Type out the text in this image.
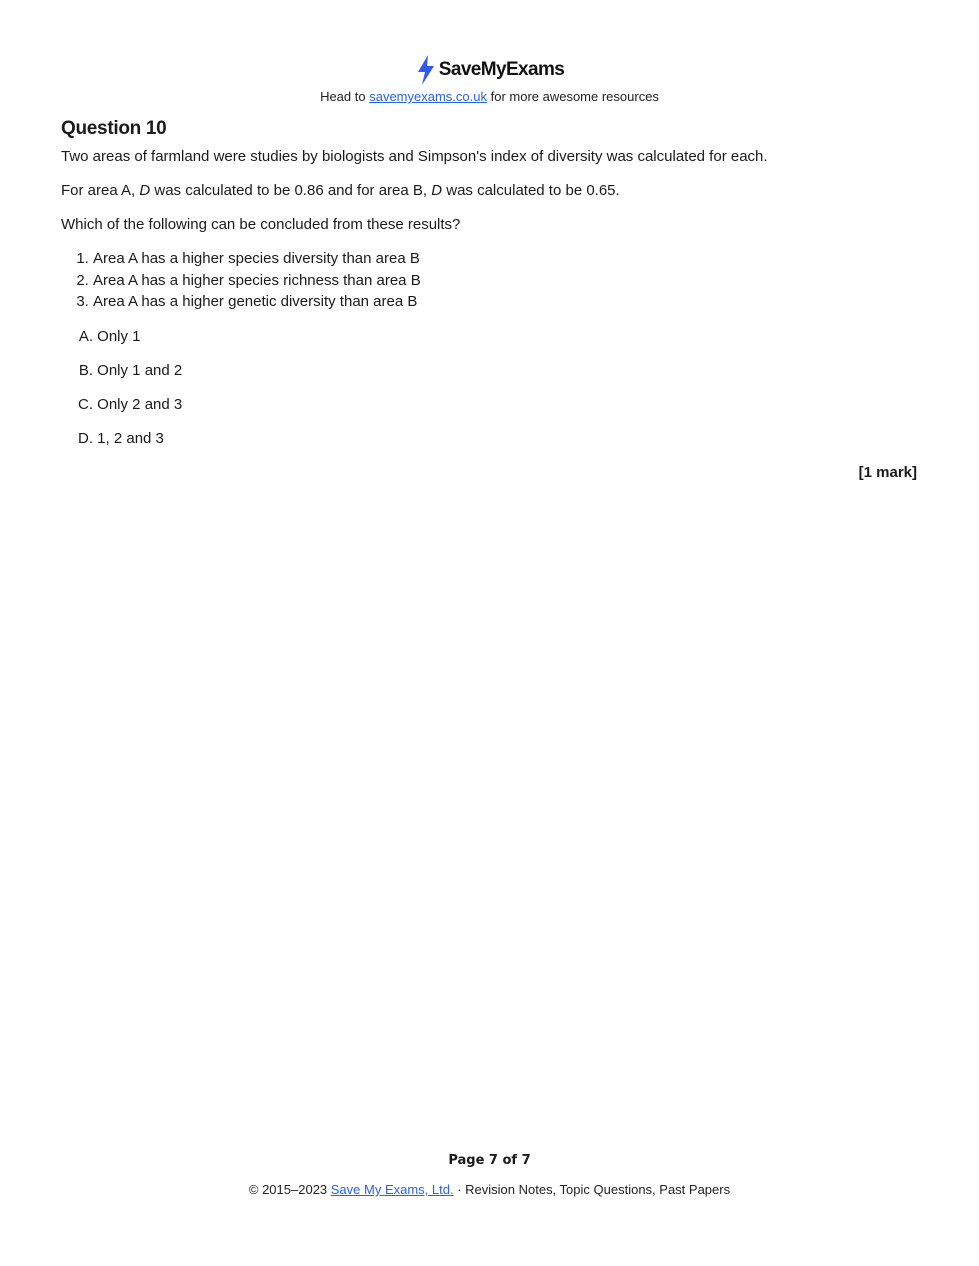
SaveMyExams
Head to savemyexams.co.uk for more awesome resources
Question 10

Two areas of farmland were studies by biologists and Simpson's index of diversity was calculated for each.

For area A, D was calculated to be 0.86 and for area B, D was calculated to be 0.65.

Which of the following can be concluded from these results?

1. Area A has a higher species diversity than area B
2. Area A has a higher species richness than area B
3. Area A has a higher genetic diversity than area B
A. Only 1
B. Only 1 and 2
C. Only 2 and 3
D. 1, 2 and 3
[1 mark]
Page 7 of 7
© 2015–2023 Save My Exams, Ltd. · Revision Notes, Topic Questions, Past Papers
